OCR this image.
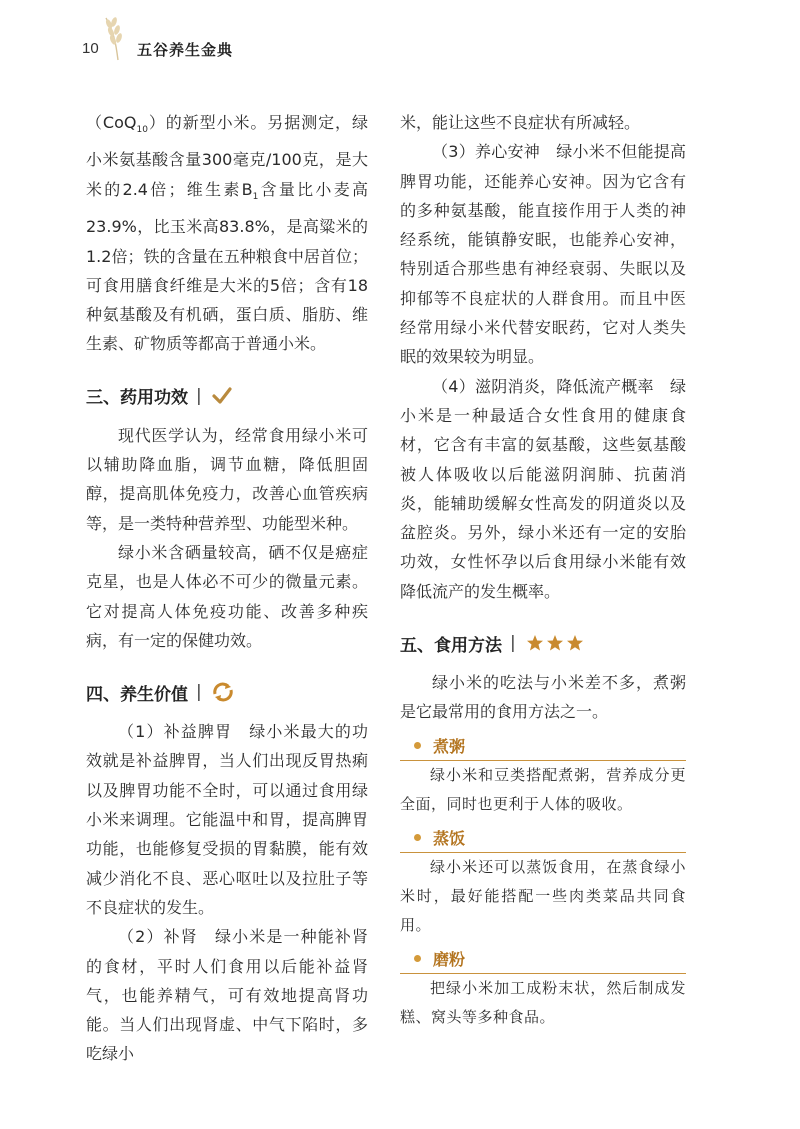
10	五谷养生金典

（CoQ$_{10}$）的新型小米。另据测定，绿小米氨基酸含量300毫克/100克，是大米的2.4倍；维生素$B_1$含量比小麦高23.9%，比玉米高83.8%，是高粱米的1.2倍；铁的含量在五种粮食中居首位；可食用膳食纤维是大米的5倍；含有18种氨基酸及有机硒，蛋白质、脂肪、维生素、矿物质等都高于普通小米。

三、药用功效 |

现代医学认为，经常食用绿小米可以辅助降血脂，调节血糖，降低胆固醇，提高肌体免疫力，改善心血管疾病等，是一类特种营养型、功能型米种。

绿小米含硒量较高，硒不仅是癌症克星，也是人体必不可少的微量元素。它对提高人体免疫功能、改善多种疾病，有一定的保健功效。

四、养生价值 |

（1）补益脾胃　绿小米最大的功效就是补益脾胃，当人们出现反胃热痢以及脾胃功能不全时，可以通过食用绿小米来调理。它能温中和胃，提高脾胃功能，也能修复受损的胃黏膜，能有效减少消化不良、恶心呕吐以及拉肚子等不良症状的发生。

（2）补肾　绿小米是一种能补肾的食材，平时人们食用以后能补益肾气，也能养精气，可有效地提高肾功能。当人们出现肾虚、中气下陷时，多吃绿小

米，能让这些不良症状有所减轻。

（3）养心安神　绿小米不但能提高脾胃功能，还能养心安神。因为它含有的多种氨基酸，能直接作用于人类的神经系统，能镇静安眠，也能养心安神，特别适合那些患有神经衰弱、失眠以及抑郁等不良症状的人群食用。而且中医经常用绿小米代替安眠药，它对人类失眠的效果较为明显。

（4）滋阴消炎，降低流产概率　绿小米是一种最适合女性食用的健康食材，它含有丰富的氨基酸，这些氨基酸被人体吸收以后能滋阴润肺、抗菌消炎，能辅助缓解女性高发的阴道炎以及盆腔炎。另外，绿小米还有一定的安胎功效，女性怀孕以后食用绿小米能有效降低流产的发生概率。

五、食用方法 |

绿小米的吃法与小米差不多，煮粥是它最常用的食用方法之一。

煮粥

绿小米和豆类搭配煮粥，营养成分更全面，同时也更利于人体的吸收。

蒸饭

绿小米还可以蒸饭食用，在蒸食绿小米时，最好能搭配一些肉类菜品共同食用。

磨粉

把绿小米加工成粉末状，然后制成发糕、窝头等多种食品。
